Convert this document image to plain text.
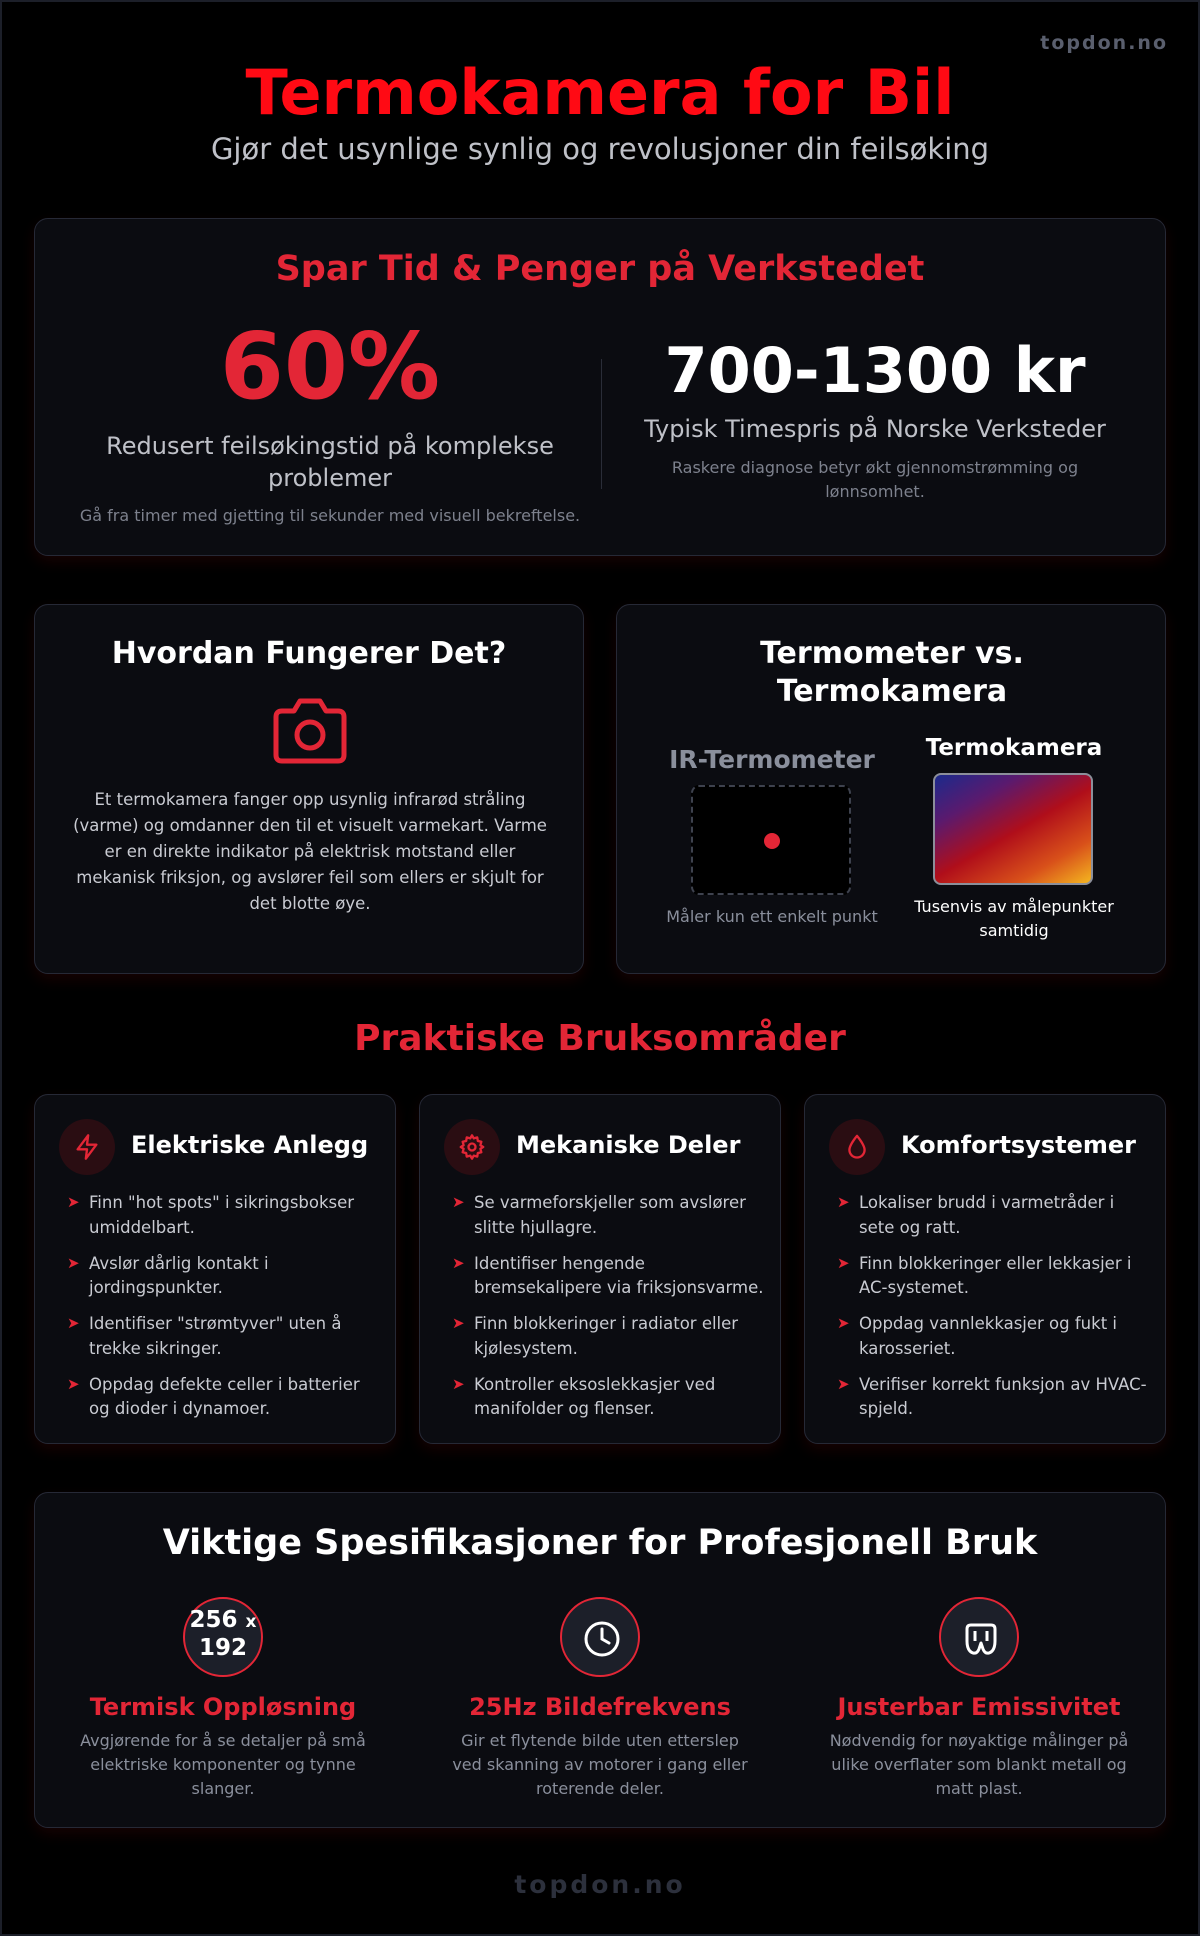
topdon.no
Termokamera for Bil
Gjør det usynlige synlig og revolusjoner din feilsøking
Spar Tid & Penger på Verkstedet
60%
Redusert feilsøkingstid på komplekse problemer
Gå fra timer med gjetting til sekunder med visuell bekreftelse.
700-1300 kr
Typisk Timespris på Norske Verksteder
Raskere diagnose betyr økt gjennomstrømming og lønnsomhet.
Hvordan Fungerer Det?
Et termokamera fanger opp usynlig infrarød stråling (varme) og omdanner den til et visuelt varmekart. Varme er en direkte indikator på elektrisk motstand eller mekanisk friksjon, og avslører feil som ellers er skjult for det blotte øye.
Termometer vs. Termokamera
IR-Termometer
Måler kun ett enkelt punkt
Termokamera
Tusenvis av målepunkter samtidig
Praktiske Bruksområder
Elektriske Anlegg
➤ Finn "hot spots" i sikringsbokser umiddelbart.
➤ Avslør dårlig kontakt i jordingspunkter.
➤ Identifiser "strømtyver" uten å trekke sikringer.
➤ Oppdag defekte celler i batterier og dioder i dynamoer.
Mekaniske Deler
➤ Se varmeforskjeller som avslører slitte hjullagre.
➤ Identifiser hengende bremsekalipere via friksjonsvarme.
➤ Finn blokkeringer i radiator eller kjølesystem.
➤ Kontroller eksoslekkasjer ved manifolder og flenser.
Komfortsystemer
➤ Lokaliser brudd i varmetråder i sete og ratt.
➤ Finn blokkeringer eller lekkasjer i AC-systemet.
➤ Oppdag vannlekkasjer og fukt i karosseriet.
➤ Verifiser korrekt funksjon av HVAC-spjeld.
Viktige Spesifikasjoner for Profesjonell Bruk
256 x
192
Termisk Oppløsning
Avgjørende for å se detaljer på små elektriske komponenter og tynne slanger.
25Hz Bildefrekvens
Gir et flytende bilde uten etterslep ved skanning av motorer i gang eller roterende deler.
Justerbar Emissivitet
Nødvendig for nøyaktige målinger på ulike overflater som blankt metall og matt plast.
topdon.no
